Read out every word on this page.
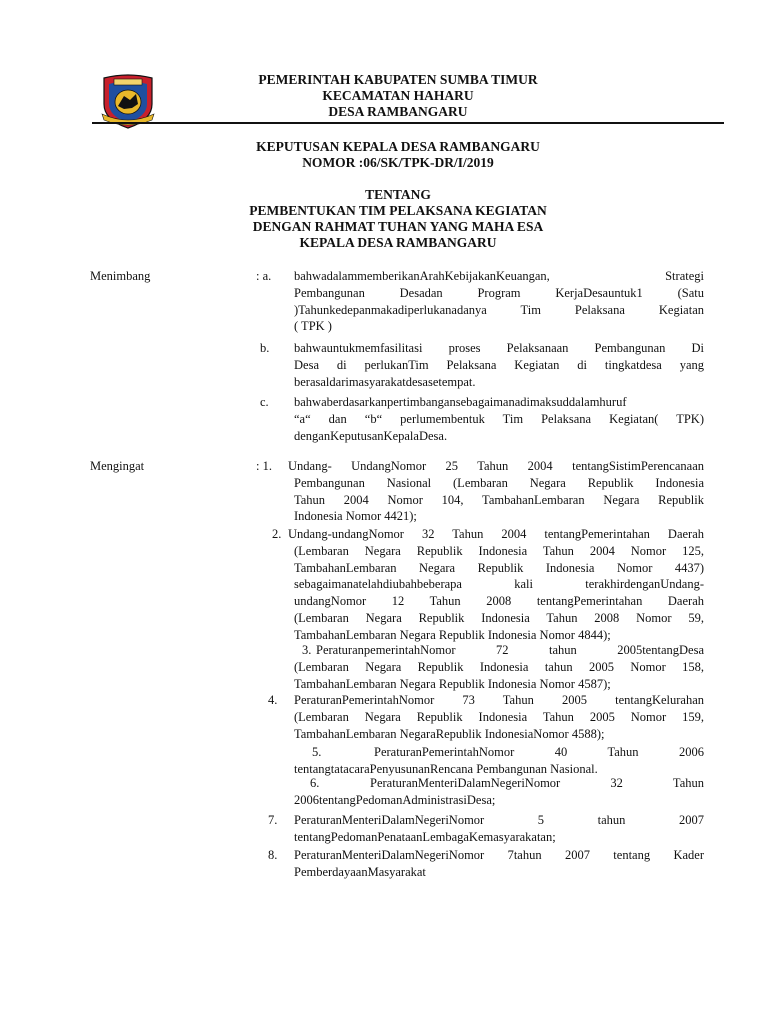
PEMERINTAH KABUPATEN SUMBA TIMUR
KECAMATAN HAHARU
DESA RAMBANGARU
KEPUTUSAN KEPALA DESA RAMBANGARU
NOMOR :06/SK/TPK-DR/I/2019
TENTANG
PEMBENTUKAN TIM PELAKSANA KEGIATAN
DENGAN RAHMAT TUHAN YANG MAHA ESA
KEPALA DESA RAMBANGARU
Menimbang	: a. bahwadalammemberikanArahKebijakanKeuangan,	Strategi
Pembangunan Desadan Program KerjaDesauntuk1 (Satu
)Tahunkedepanmakadiperlukanadanya Tim Pelaksana Kegiatan
( TPK )
b. bahwauntukmemfasilitasi proses Pelaksanaan Pembangunan Di
Desa di perlukanTim Pelaksana Kegiatan di tingkatdesa yang
berasaldarimasyarakatdesasetempat.
c. bahwaberdasarkanpertimbangansebagaimanadimaksuddalamhuruf
“a“ dan “b“ perlumembentuk Tim Pelaksana Kegiatan( TPK)
denganKeputusanKepalaDesa.
Mengingat	: 1. Undang- UndangNomor 25 Tahun 2004 tentangSistimPerencanaan
Pembangunan Nasional (Lembaran Negara Republik Indonesia
Tahun 2004 Nomor 104, TambahanLembaran Negara Republik
Indonesia Nomor 4421);
2. Undang-undangNomor 32 Tahun 2004 tentangPemerintahan Daerah
(Lembaran Negara Republik Indonesia Tahun 2004 Nomor 125,
TambahanLembaran Negara Republik Indonesia Nomor 4437)
sebagaimanatelahdiubahbeberapa kali terakhirdenganUndang-
undangNomor 12 Tahun 2008 tentangPemerintahan Daerah
(Lembaran Negara Republik Indonesia Tahun 2008 Nomor 59,
TambahanLembaran Negara Republik Indonesia Nomor 4844);
3. PeraturanpemerintahNomor 72 tahun 2005tentangDesa
(Lembaran Negara Republik Indonesia tahun 2005 Nomor 158,
TambahanLembaran Negara Republik Indonesia Nomor 4587);
4. PeraturanPemerintahNomor 73 Tahun 2005 tentangKelurahan
(Lembaran Negara Republik Indonesia Tahun 2005 Nomor 159,
TambahanLembaran NegaraRepublik IndonesiaNomor 4588);
5.	PeraturanPemerintahNomor 40 Tahun 2006
tentangtatacaraPenyusunanRencana Pembangunan Nasional.
6.	PeraturanMenteriDalamNegeriNomor 32 Tahun
2006tentangPedomanAdministrasiDesa;
7. PeraturanMenteriDalamNegeriNomor 5 tahun 2007
tentangPedomanPenataanLembagaKemasyarakatan;
8. PeraturanMenteriDalamNegeriNomor 7tahun 2007 tentang Kader
PemberdayaanMasyarakat
